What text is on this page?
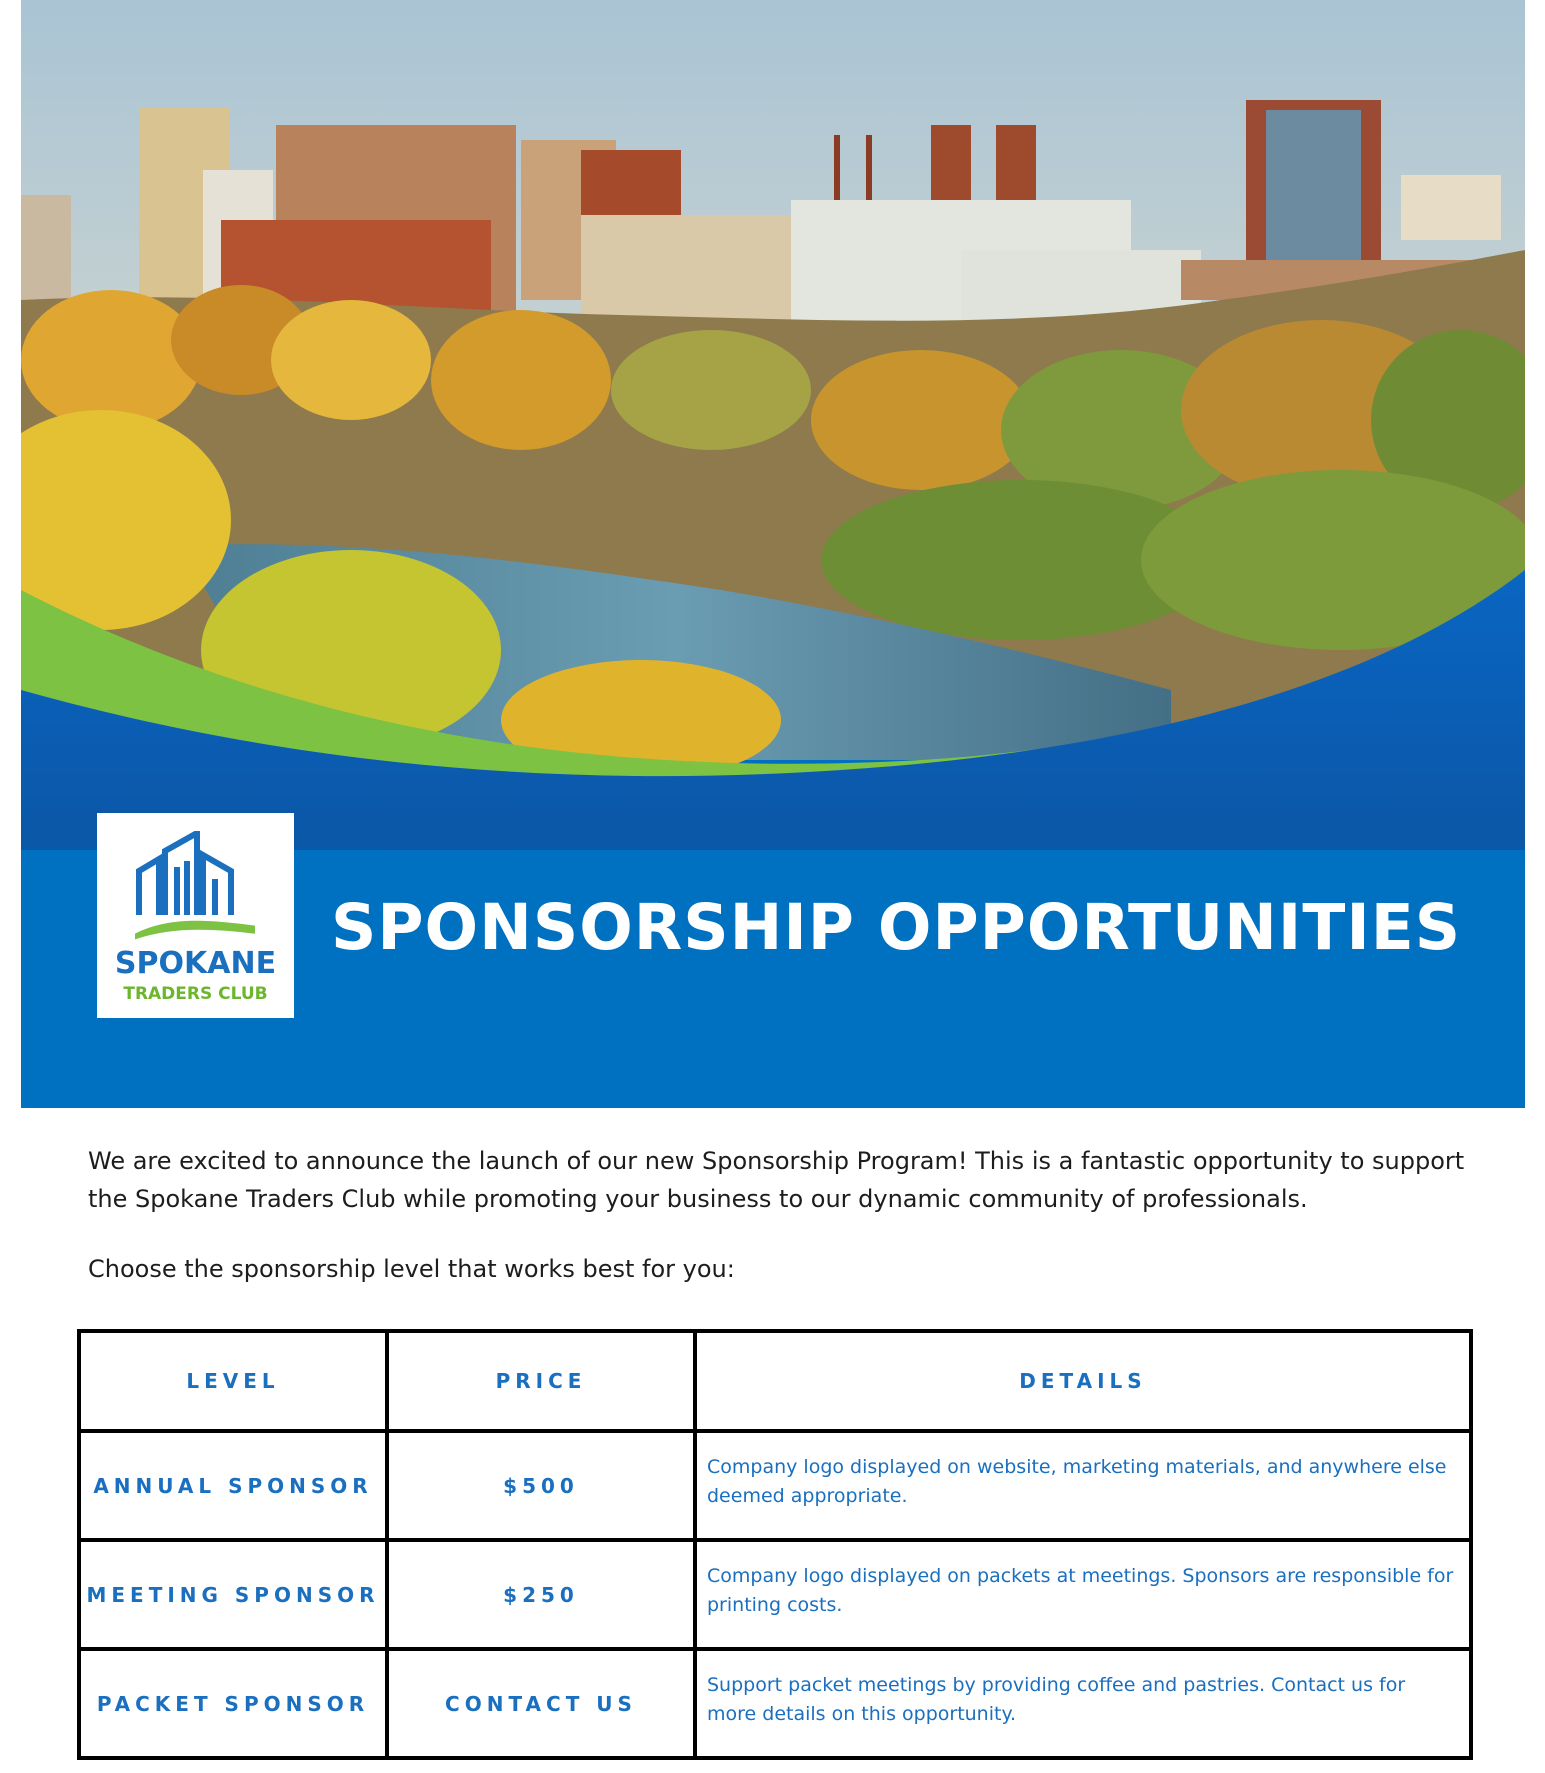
SPOKANE
TRADERS CLUB
SPONSORSHIP OPPORTUNITIES
We are excited to announce the launch of our new Sponsorship Program! This is a fantastic opportunity to support the Spokane Traders Club while promoting your business to our dynamic community of professionals.
Choose the sponsorship level that works best for you:
LEVEL	PRICE	DETAILS
ANNUAL SPONSOR	$500	Company logo displayed on website, marketing materials, and anywhere else deemed appropriate.
MEETING SPONSOR	$250	Company logo displayed on packets at meetings. Sponsors are responsible for printing costs.
PACKET SPONSOR	CONTACT US	Support packet meetings by providing coffee and pastries. Contact us for more details on this opportunity.
